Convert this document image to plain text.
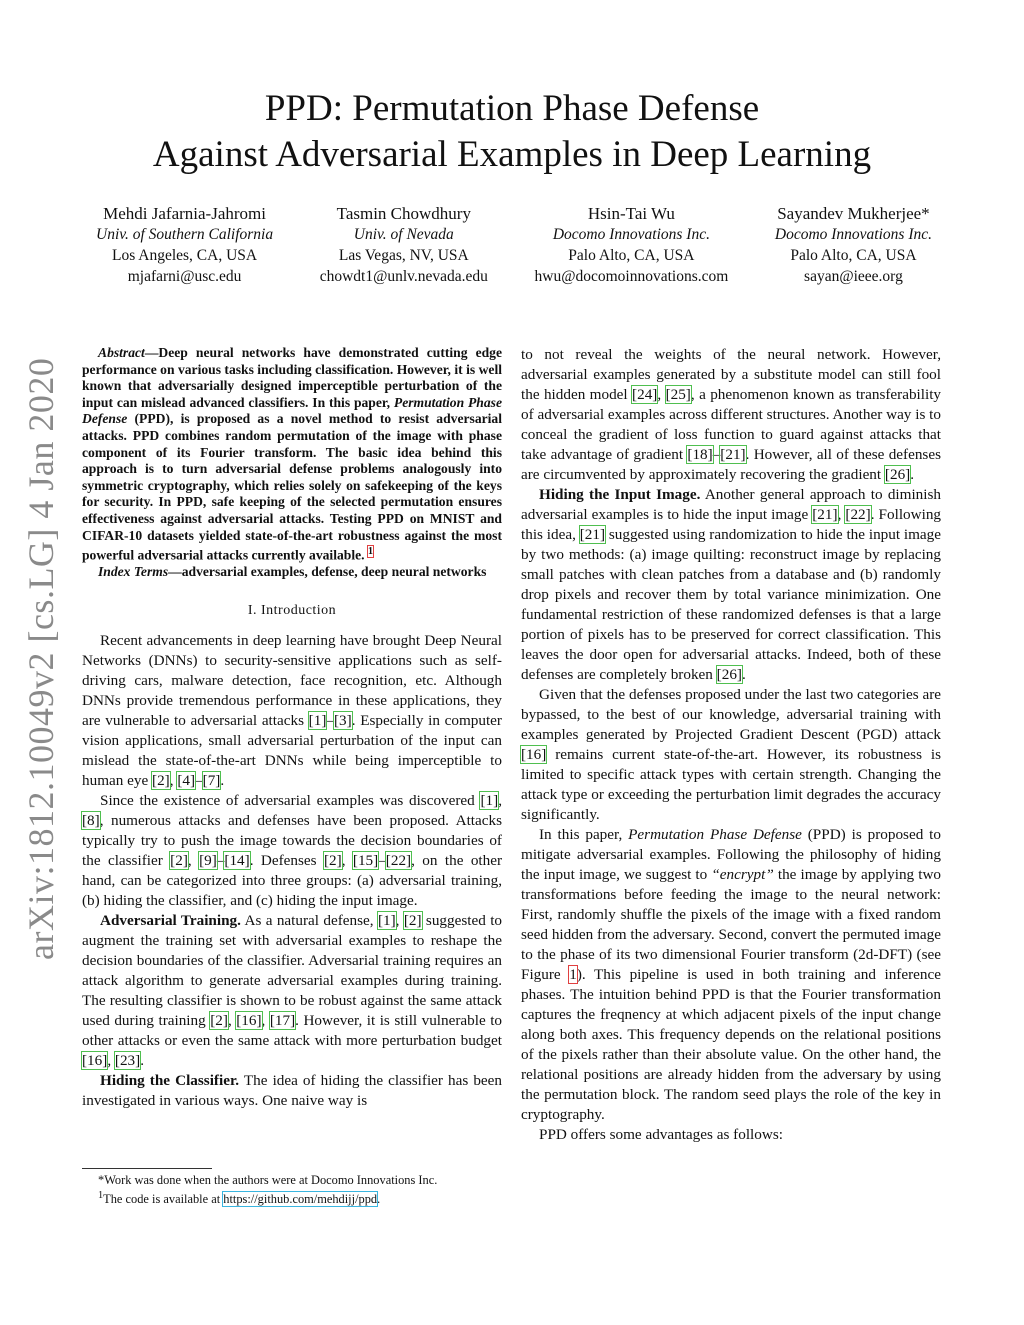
arXiv:1812.10049v2 [cs.LG] 4 Jan 2020
PPD: Permutation Phase Defense
Against Adversarial Examples in Deep Learning
Mehdi Jafarnia-Jahromi
Univ. of Southern California
Los Angeles, CA, USA
mjafarni@usc.edu
Tasmin Chowdhury
Univ. of Nevada
Las Vegas, NV, USA
chowdt1@unlv.nevada.edu
Hsin-Tai Wu
Docomo Innovations Inc.
Palo Alto, CA, USA
hwu@docomoinnovations.com
Sayandev Mukherjee*
Docomo Innovations Inc.
Palo Alto, CA, USA
sayan@ieee.org

Abstract—Deep neural networks have demonstrated cutting edge performance on various tasks including classification. However, it is well known that adversarially designed imperceptible perturbation of the input can mislead advanced classifiers. In this paper, Permutation Phase Defense (PPD), is proposed as a novel method to resist adversarial attacks. PPD combines random permutation of the image with phase component of its Fourier transform. The basic idea behind this approach is to turn adversarial defense problems analogously into symmetric cryptography, which relies solely on safekeeping of the keys for security. In PPD, safe keeping of the selected permutation ensures effectiveness against adversarial attacks. Testing PPD on MNIST and CIFAR-10 datasets yielded state-of-the-art robustness against the most powerful adversarial attacks currently available. $^1$

Index Terms—adversarial examples, defense, deep neural networks

I. Introduction

Recent advancements in deep learning have brought Deep Neural Networks (DNNs) to security-sensitive applications such as self-driving cars, malware detection, face recognition, etc. Although DNNs provide tremendous performance in these applications, they are vulnerable to adversarial attacks [1]–[3]. Especially in computer vision applications, small adversarial perturbation of the input can mislead the state-of-the-art DNNs while being imperceptible to human eye [2], [4]–[7].

Since the existence of adversarial examples was discovered [1], [8], numerous attacks and defenses have been proposed. Attacks typically try to push the image towards the decision boundaries of the classifier [2], [9]–[14]. Defenses [2], [15]–[22], on the other hand, can be categorized into three groups: (a) adversarial training, (b) hiding the classifier, and (c) hiding the input image.

Adversarial Training. As a natural defense, [1], [2] suggested to augment the training set with adversarial examples to reshape the decision boundaries of the classifier. Adversarial training requires an attack algorithm to generate adversarial examples during training. The resulting classifier is shown to be robust against the same attack used during training [2], [16], [17]. However, it is still vulnerable to other attacks or even the same attack with more perturbation budget [16], [23].

Hiding the Classifier. The idea of hiding the classifier has been investigated in various ways. One naive way is

*Work was done when the authors were at Docomo Innovations Inc.
$^1$The code is available at https://github.com/mehdijj/ppd.

to not reveal the weights of the neural network. However, adversarial examples generated by a substitute model can still fool the hidden model [24], [25], a phenomenon known as transferability of adversarial examples across different structures. Another way is to conceal the gradient of loss function to guard against attacks that take advantage of gradient [18]–[21]. However, all of these defenses are circumvented by approximately recovering the gradient [26].

Hiding the Input Image. Another general approach to diminish adversarial examples is to hide the input image [21], [22]. Following this idea, [21] suggested using randomization to hide the input image by two methods: (a) image quilting: reconstruct image by replacing small patches with clean patches from a database and (b) randomly drop pixels and recover them by total variance minimization. One fundamental restriction of these randomized defenses is that a large portion of pixels has to be preserved for correct classification. This leaves the door open for adversarial attacks. Indeed, both of these defenses are completely broken [26].

Given that the defenses proposed under the last two categories are bypassed, to the best of our knowledge, adversarial training with examples generated by Projected Gradient Descent (PGD) attack [16] remains current state-of-the-art. However, its robustness is limited to specific attack types with certain strength. Changing the attack type or exceeding the perturbation limit degrades the accuracy significantly.

In this paper, Permutation Phase Defense (PPD) is proposed to mitigate adversarial examples. Following the philosophy of hiding the input image, we suggest to “encrypt” the image by applying two transformations before feeding the image to the neural network: First, randomly shuffle the pixels of the image with a fixed random seed hidden from the adversary. Second, convert the permuted image to the phase of its two dimensional Fourier transform (2d-DFT) (see Figure 1). This pipeline is used in both training and inference phases. The intuition behind PPD is that the Fourier transformation captures the freqnency at which adjacent pixels of the input change along both axes. This frequency depends on the relational positions of the pixels rather than their absolute value. On the other hand, the relational positions are already hidden from the adversary by using the permutation block. The random seed plays the role of the key in cryptography.

PPD offers some advantages as follows:
